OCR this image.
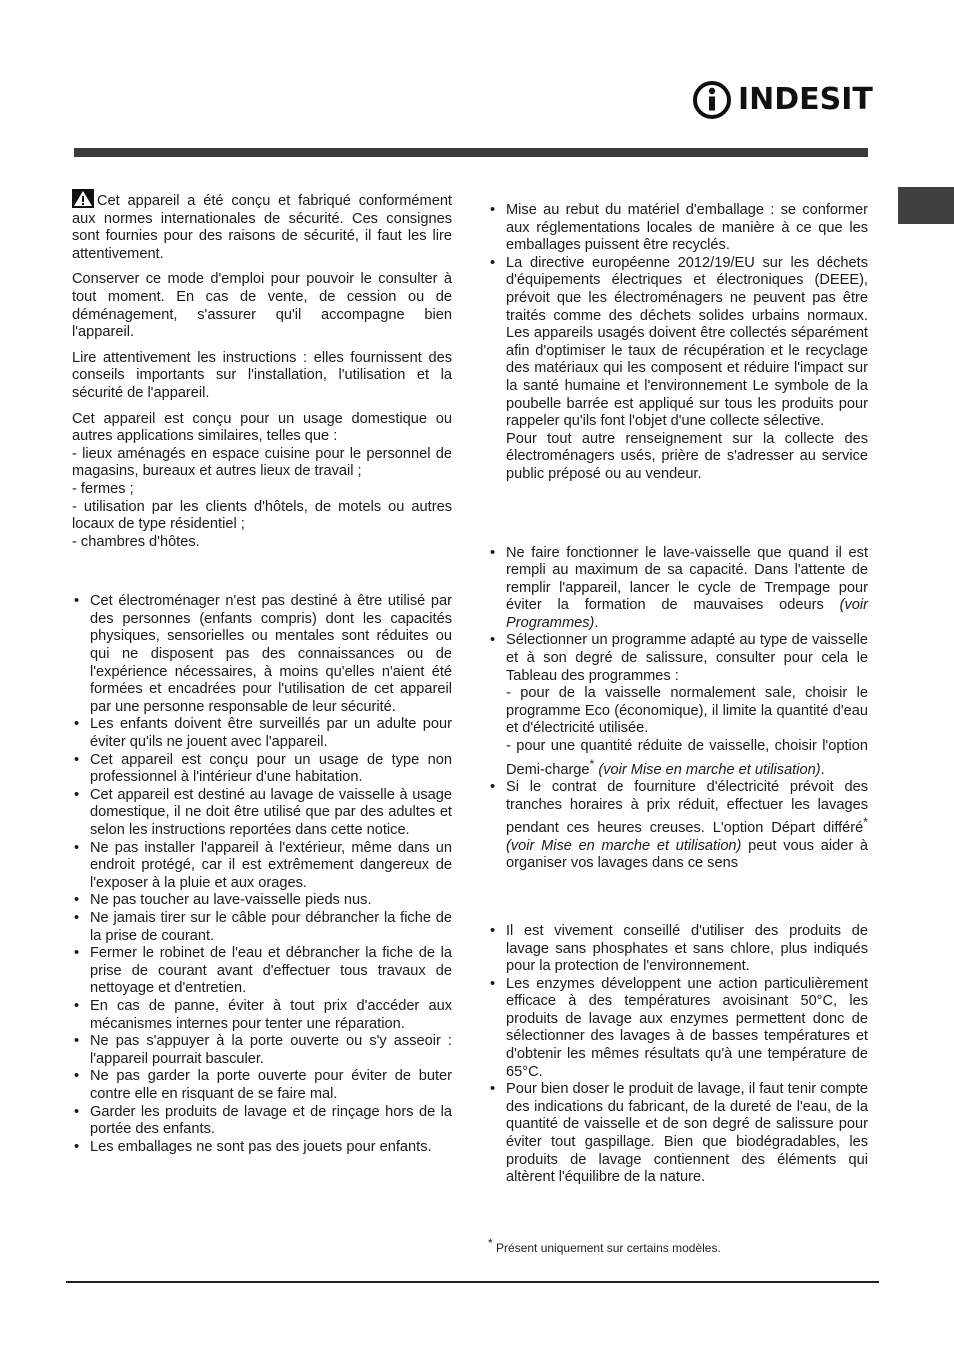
INDESIT

Cet appareil a été conçu et fabriqué conformément aux normes internationales de sécurité. Ces consignes sont fournies pour des raisons de sécurité, il faut les lire attentivement.

Conserver ce mode d'emploi pour pouvoir le consulter à tout moment. En cas de vente, de cession ou de déménagement, s'assurer qu'il accompagne bien l'appareil.

Lire attentivement les instructions : elles fournissent des conseils importants sur l'installation, l'utilisation et la sécurité de l'appareil.

Cet appareil est conçu pour un usage domestique ou autres applications similaires, telles que :

- lieux aménagés en espace cuisine pour le personnel de magasins, bureaux et autres lieux de travail ;

- fermes ;

- utilisation par les clients d'hôtels, de motels ou autres locaux de type résidentiel ;

- chambres d'hôtes.

• Cet électroménager n'est pas destiné à être utilisé par des personnes (enfants compris) dont les capacités physiques, sensorielles ou mentales sont réduites ou qui ne disposent pas des connaissances ou de l'expérience nécessaires, à moins qu'elles n'aient été formées et encadrées pour l'utilisation de cet appareil par une personne responsable de leur sécurité.
• Les enfants doivent être surveillés par un adulte pour éviter qu'ils ne jouent avec l'appareil.
• Cet appareil est conçu pour un usage de type non professionnel à l'intérieur d'une habitation.
• Cet appareil est destiné au lavage de vaisselle à usage domestique, il ne doit être utilisé que par des adultes et selon les instructions reportées dans cette notice.
• Ne pas installer l'appareil à l'extérieur, même dans un endroit protégé, car il est extrêmement dangereux de l'exposer à la pluie et aux orages.
• Ne pas toucher au lave-vaisselle pieds nus.
• Ne jamais tirer sur le câble pour débrancher la fiche de la prise de courant.
• Fermer le robinet de l'eau et débrancher la fiche de la prise de courant avant d'effectuer tous travaux de nettoyage et d'entretien.
• En cas de panne, éviter à tout prix d'accéder aux mécanismes internes pour tenter une réparation.
• Ne pas s'appuyer à la porte ouverte ou s'y asseoir : l'appareil pourrait basculer.
• Ne pas garder la porte ouverte pour éviter de buter contre elle en risquant de se faire mal.
• Garder les produits de lavage et de rinçage hors de la portée des enfants.
• Les emballages ne sont pas des jouets pour enfants.
• Mise au rebut du matériel d'emballage : se conformer aux réglementations locales de manière à ce que les emballages puissent être recyclés.
• La directive européenne 2012/19/EU sur les déchets d'équipements électriques et électroniques (DEEE), prévoit que les électroménagers ne peuvent pas être traités comme des déchets solides urbains normaux. Les appareils usagés doivent être collectés séparément afin d'optimiser le taux de récupération et le recyclage des matériaux qui les composent et réduire l'impact sur la santé humaine et l'environnement Le symbole de la poubelle barrée est appliqué sur tous les produits pour rappeler qu'ils font l'objet d'une collecte sélective.
Pour tout autre renseignement sur la collecte des électroménagers usés, prière de s'adresser au service public préposé ou au vendeur.
• Ne faire fonctionner le lave-vaisselle que quand il est rempli au maximum de sa capacité. Dans l'attente de remplir l'appareil, lancer le cycle de Trempage pour éviter la formation de mauvaises odeurs (voir Programmes).
• Sélectionner un programme adapté au type de vaisselle et à son degré de salissure, consulter pour cela le Tableau des programmes :
- pour de la vaisselle normalement sale, choisir le programme Eco (économique), il limite la quantité d'eau et d'électricité utilisée.
- pour une quantité réduite de vaisselle, choisir l'option Demi-charge* (voir Mise en marche et utilisation).
• Si le contrat de fourniture d'électricité prévoit des tranches horaires à prix réduit, effectuer les lavages pendant ces heures creuses. L'option Départ différé* (voir Mise en marche et utilisation) peut vous aider à organiser vos lavages dans ce sens
• Il est vivement conseillé d'utiliser des produits de lavage sans phosphates et sans chlore, plus indiqués pour la protection de l'environnement.
• Les enzymes développent une action particulièrement efficace à des températures avoisinant 50°C, les produits de lavage aux enzymes permettent donc de sélectionner des lavages à de basses températures et d'obtenir les mêmes résultats qu'à une température de 65°C.
• Pour bien doser le produit de lavage, il faut tenir compte des indications du fabricant, de la dureté de l'eau, de la quantité de vaisselle et de son degré de salissure pour éviter tout gaspillage. Bien que biodégradables, les produits de lavage contiennent des éléments qui altèrent l'équilibre de la nature.
* Présent uniquement sur certains modèles.
